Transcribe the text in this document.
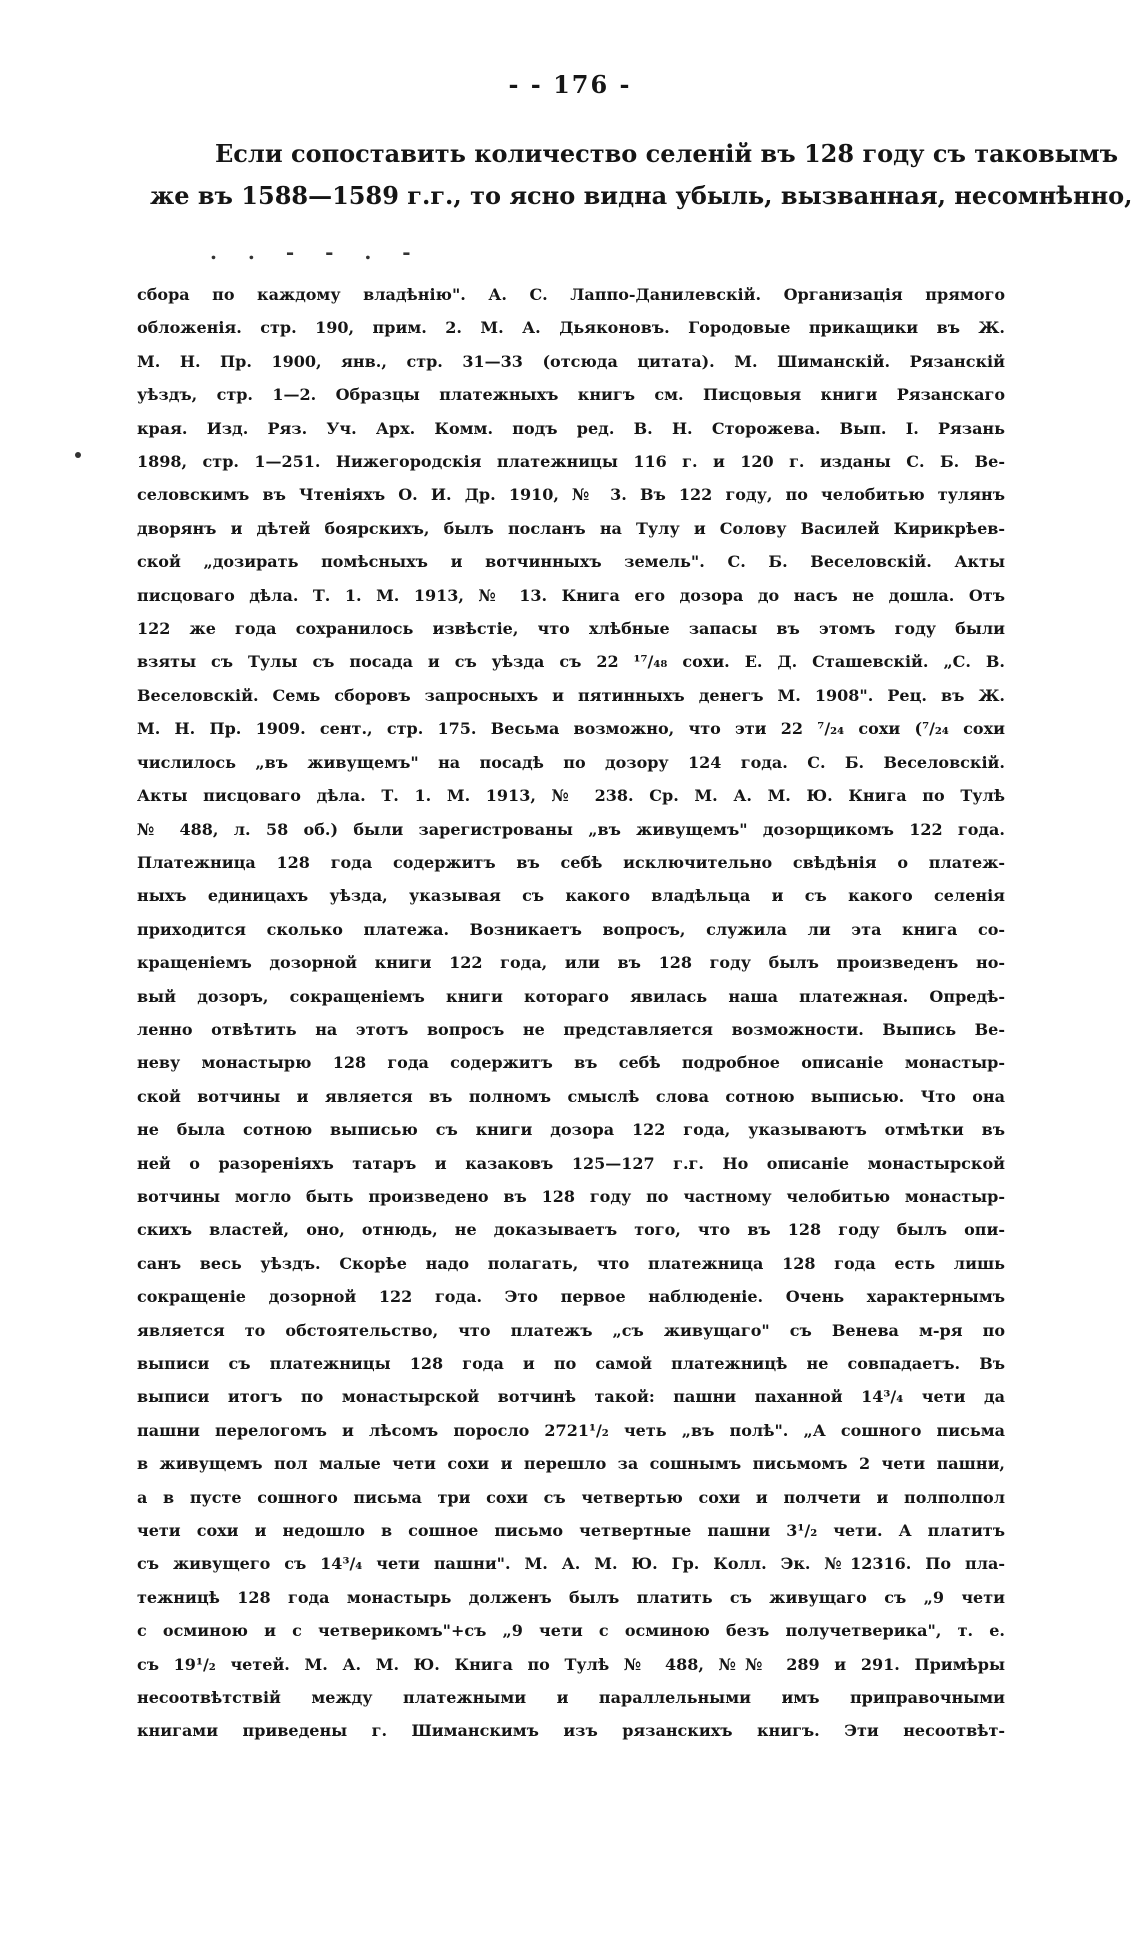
- - 176 -
Если сопоставить количество селеній въ 128 году съ таковымъ
же въ 1588—1589 г.г., то ясно видна убыль, вызванная, несомнѣнно,
. . - - . -
сбора по каждому владѣнію". А. С. Лаппо-Данилевскій. Организація прямого
обложенія. стр. 190, прим. 2. М. А. Дьяконовъ. Городовые прикащики въ Ж.
М. Н. Пр. 1900, янв., стр. 31—33 (отсюда цитата). М. Шиманскій. Рязанскій
уѣздъ, стр. 1—2. Образцы платежныхъ книгъ см. Писцовыя книги Рязанскаго
края. Изд. Ряз. Уч. Арх. Комм. подъ ред. В. Н. Сторожева. Вып. I. Рязань
1898, стр. 1—251. Нижегородскія платежницы 116 г. и 120 г. изданы С. Б. Ве-
селовскимъ въ Чтеніяхъ О. И. Др. 1910, № 3. Въ 122 году, по челобитью тулянъ
дворянъ и дѣтей боярскихъ, былъ посланъ на Тулу и Солову Василей Кирикрѣев-
ской „дозирать помѣсныхъ и вотчинныхъ земель". С. Б. Веселовскій. Акты
писцоваго дѣла. Т. 1. М. 1913, № 13. Книга его дозора до насъ не дошла. Отъ
122 же года сохранилось извѣстіе, что хлѣбные запасы въ этомъ году были
взяты съ Тулы съ посада и съ уѣзда съ 22 ¹⁷/₄₈ сохи. Е. Д. Сташевскій. „С. В.
Веселовскій. Семь сборовъ запросныхъ и пятинныхъ денегъ М. 1908". Рец. въ Ж.
М. Н. Пр. 1909. сент., стр. 175. Весьма возможно, что эти 22 ⁷/₂₄ сохи (⁷/₂₄ сохи
числилось „въ живущемъ" на посадѣ по дозору 124 года. С. Б. Веселовскій.
Акты писцоваго дѣла. Т. 1. М. 1913, № 238. Ср. М. А. М. Ю. Книга по Тулѣ
№ 488, л. 58 об.) были зарегистрованы „въ живущемъ" дозорщикомъ 122 года.
Платежница 128 года содержитъ въ себѣ исключительно свѣдѣнія о платеж-
ныхъ единицахъ уѣзда, указывая съ какого владѣльца и съ какого селенія
приходится сколько платежа. Возникаетъ вопросъ, служила ли эта книга со-
кращеніемъ дозорной книги 122 года, или въ 128 году былъ произведенъ но-
вый дозоръ, сокращеніемъ книги котораго явилась наша платежная. Опредѣ-
ленно отвѣтить на этотъ вопросъ не представляется возможности. Выпись Ве-
неву монастырю 128 года содержитъ въ себѣ подробное описаніе монастыр-
ской вотчины и является въ полномъ смыслѣ слова сотною выписью. Что она
не была сотною выписью съ книги дозора 122 года, указываютъ отмѣтки въ
ней о разореніяхъ татаръ и казаковъ 125—127 г.г. Но описаніе монастырской
вотчины могло быть произведено въ 128 году по частному челобитью монастыр-
скихъ властей, оно, отнюдь, не доказываетъ того, что въ 128 году былъ опи-
санъ весь уѣздъ. Скорѣе надо полагать, что платежница 128 года есть лишь
сокращеніе дозорной 122 года. Это первое наблюденіе. Очень характернымъ
является то обстоятельство, что платежъ „съ живущаго" съ Венева м-ря по
выписи съ платежницы 128 года и по самой платежницѣ не совпадаетъ. Въ
выписи итогъ по монастырской вотчинѣ такой: пашни паханной 14³/₄ чети да
пашни перелогомъ и лѣсомъ поросло 2721¹/₂ четь „въ полѣ". „А сошного письма
в живущемъ пол малые чети сохи и перешло за сошнымъ письмомъ 2 чети пашни,
а в пусте сошного письма три сохи съ четвертью сохи и полчети и полполпол
чети сохи и недошло в сошное письмо четвертные пашни 3¹/₂ чети. А платитъ
съ живущего съ 14³/₄ чети пашни". М. А. М. Ю. Гр. Колл. Эк. №12316. По пла-
тежницѣ 128 года монастырь долженъ былъ платить съ живущаго съ „9 чети
с осминою и с четверикомъ"+съ „9 чети с осминою безъ получетверика", т. е.
съ 19¹/₂ четей. М. А. М. Ю. Книга по Тулѣ № 488, №№ 289 и 291. Примѣры
несоотвѣтствій между платежными и параллельными имъ приправочными
книгами приведены г. Шиманскимъ изъ рязанскихъ книгъ. Эти несоотвѣт-
